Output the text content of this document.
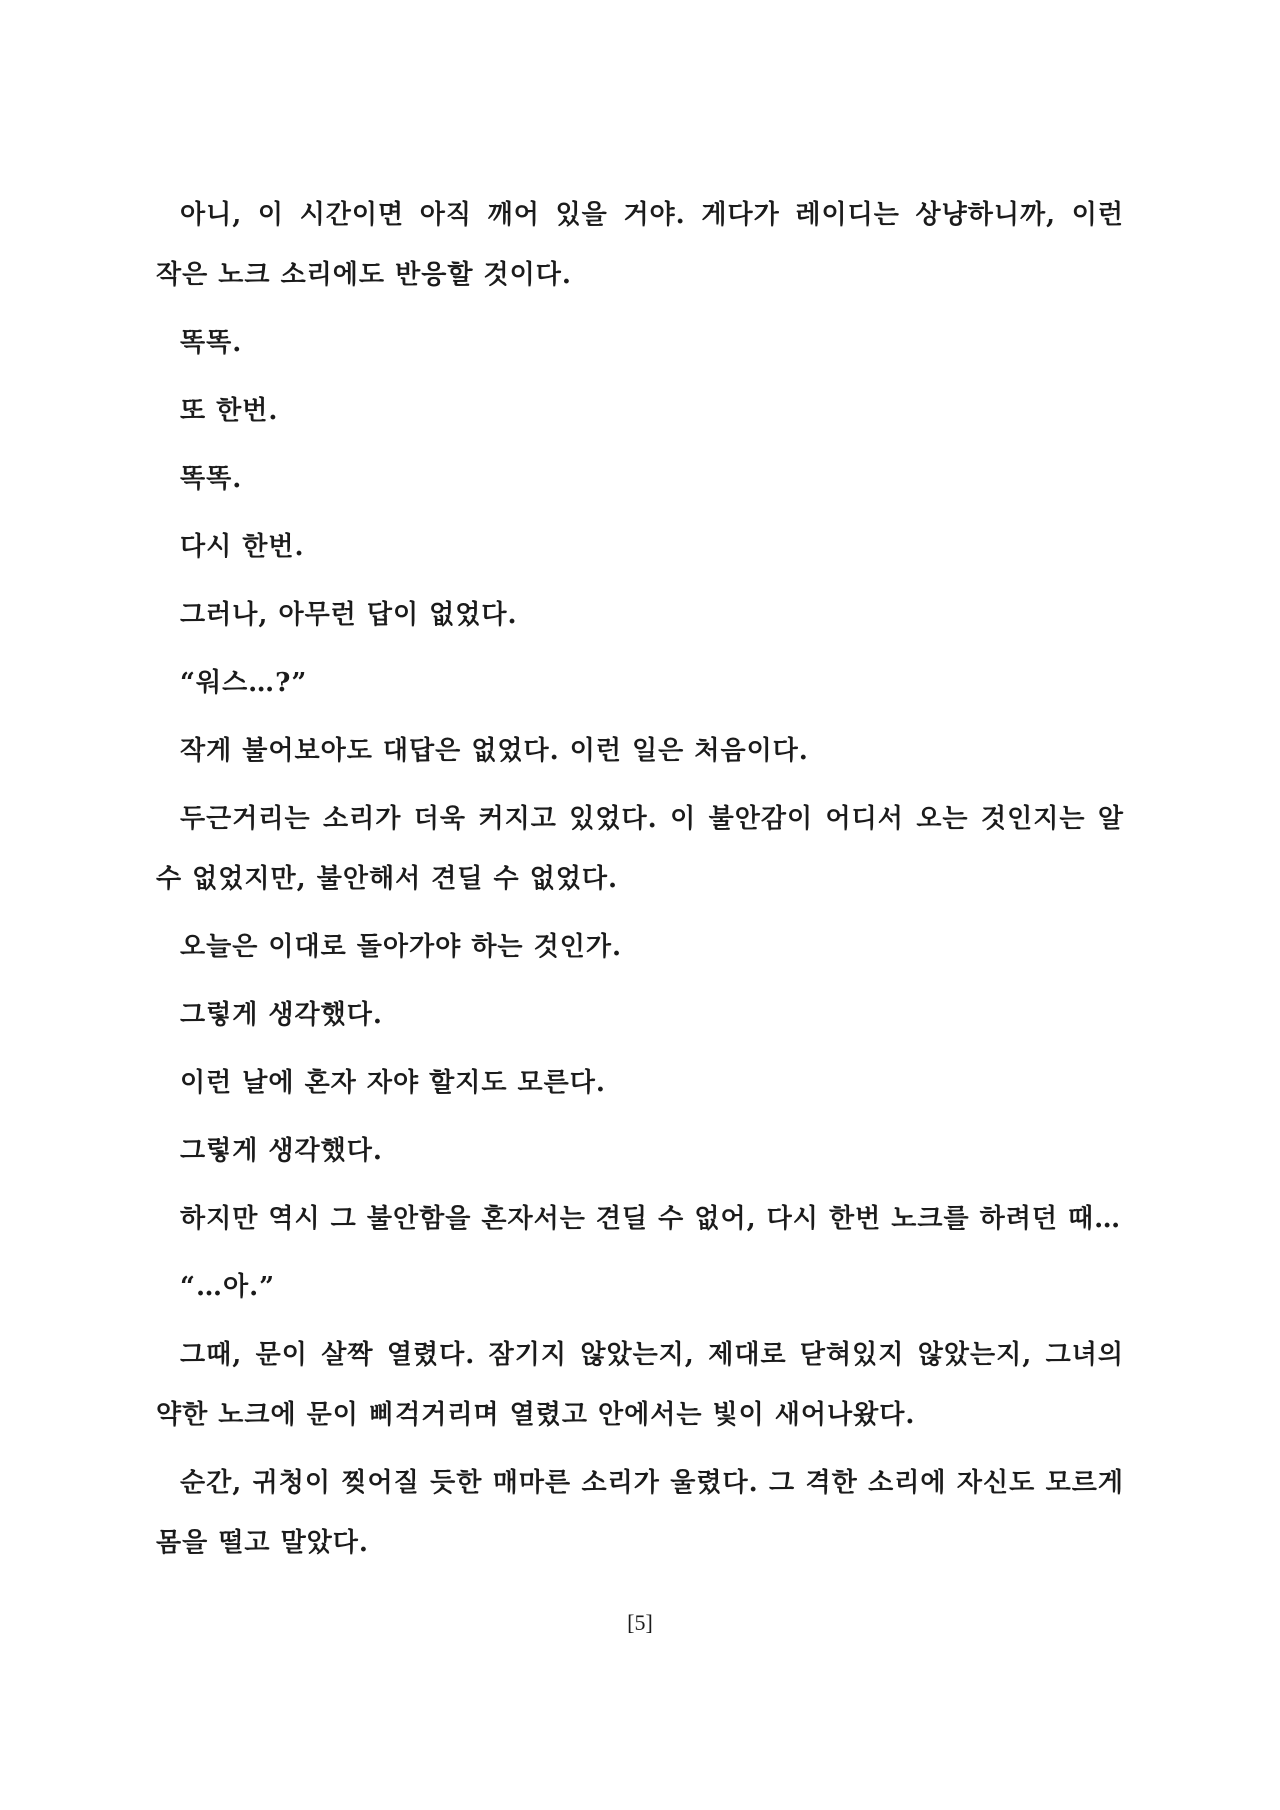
아니, 이 시간이면 아직 깨어 있을 거야. 게다가 레이디는 상냥하니까, 이런 작은 노크 소리에도 반응할 것이다.

똑똑.

또 한번.

똑똑.

다시 한번.

그러나, 아무런 답이 없었다.

“워스…?”

작게 불어보아도 대답은 없었다. 이런 일은 처음이다.

두근거리는 소리가 더욱 커지고 있었다. 이 불안감이 어디서 오는 것인지는 알 수 없었지만, 불안해서 견딜 수 없었다.

오늘은 이대로 돌아가야 하는 것인가.

그렇게 생각했다.

이런 날에 혼자 자야 할지도 모른다.

그렇게 생각했다.

하지만 역시 그 불안함을 혼자서는 견딜 수 없어, 다시 한번 노크를 하려던 때…

“…아.”

그때, 문이 살짝 열렸다. 잠기지 않았는지, 제대로 닫혀있지 않았는지, 그녀의 약한 노크에 문이 삐걱거리며 열렸고 안에서는 빛이 새어나왔다.

순간, 귀청이 찢어질 듯한 매마른 소리가 울렸다. 그 격한 소리에 자신도 모르게 몸을 떨고 말았다.

[5]
